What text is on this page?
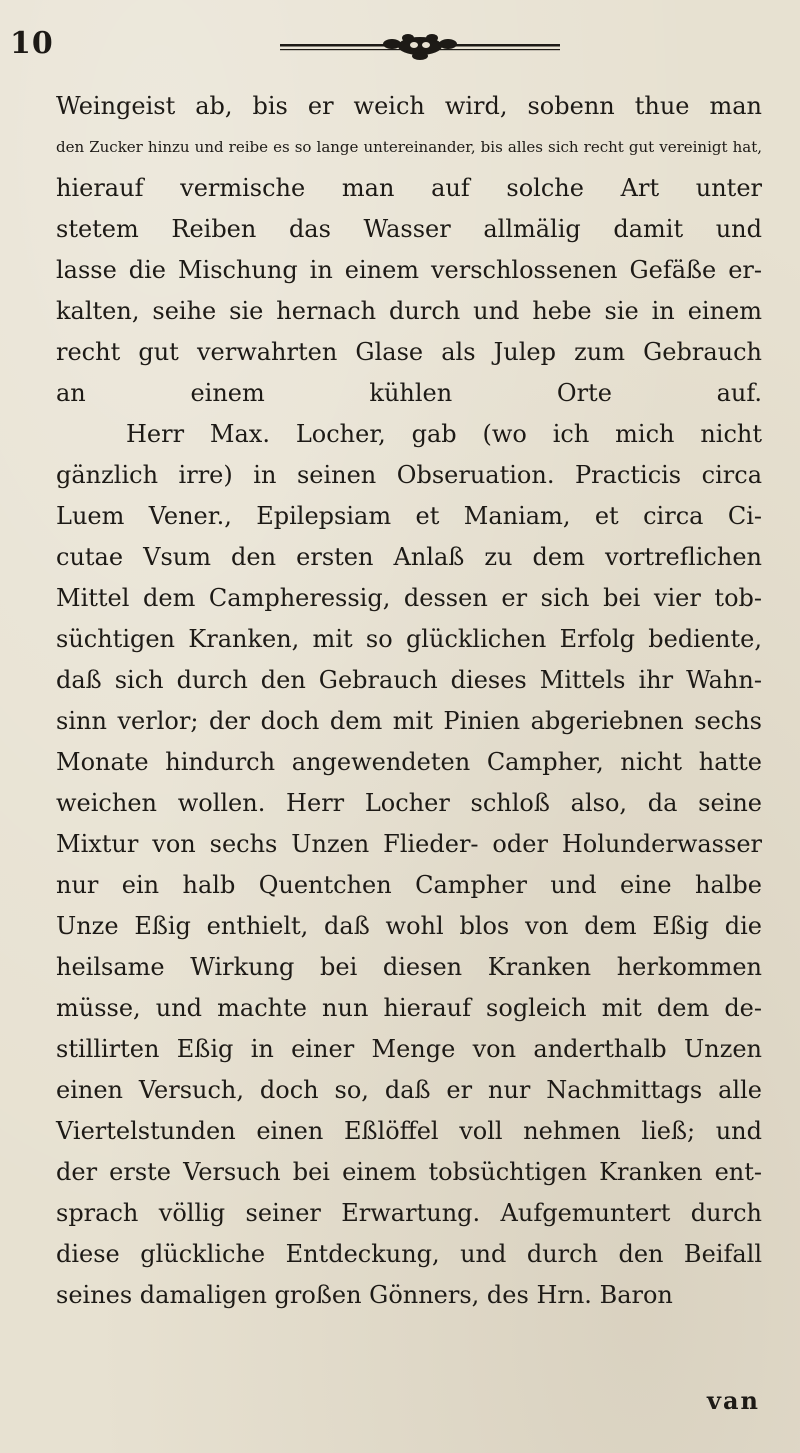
10
Weingeist ab, bis er weich wird, sobenn thue man
den Zucker hinzu und reibe es so lange untereinander, bis alles sich recht gut vereinigt hat,
hierauf vermische man auf solche Art unter
stetem Reiben das Wasser allmälig damit und
lasse die Mischung in einem verschlossenen Gefäße er-
kalten, seihe sie hernach durch und hebe sie in einem
recht gut verwahrten Glase als Julep zum Gebrauch
an einem kühlen Orte auf.
Herr Max. Locher, gab (wo ich mich nicht
gänzlich irre) in seinen Obseruation. Practicis circa
Luem Vener., Epilepsiam et Maniam, et circa Ci-
cutae Vsum den ersten Anlaß zu dem vortreflichen
Mittel dem Campheressig, dessen er sich bei vier tob-
süchtigen Kranken, mit so glücklichen Erfolg bediente,
daß sich durch den Gebrauch dieses Mittels ihr Wahn-
sinn verlor; der doch dem mit Pinien abgeriebnen sechs
Monate hindurch angewendeten Campher, nicht hatte
weichen wollen. Herr Locher schloß also, da seine
Mixtur von sechs Unzen Flieder- oder Holunderwasser
nur ein halb Quentchen Campher und eine halbe
Unze Eßig enthielt, daß wohl blos von dem Eßig die
heilsame Wirkung bei diesen Kranken herkommen
müsse, und machte nun hierauf sogleich mit dem de-
stillirten Eßig in einer Menge von anderthalb Unzen
einen Versuch, doch so, daß er nur Nachmittags alle
Viertelstunden einen Eßlöffel voll nehmen ließ; und
der erste Versuch bei einem tobsüchtigen Kranken ent-
sprach völlig seiner Erwartung. Aufgemuntert durch
diese glückliche Entdeckung, und durch den Beifall
seines damaligen großen Gönners, des Hrn. Baron
van
